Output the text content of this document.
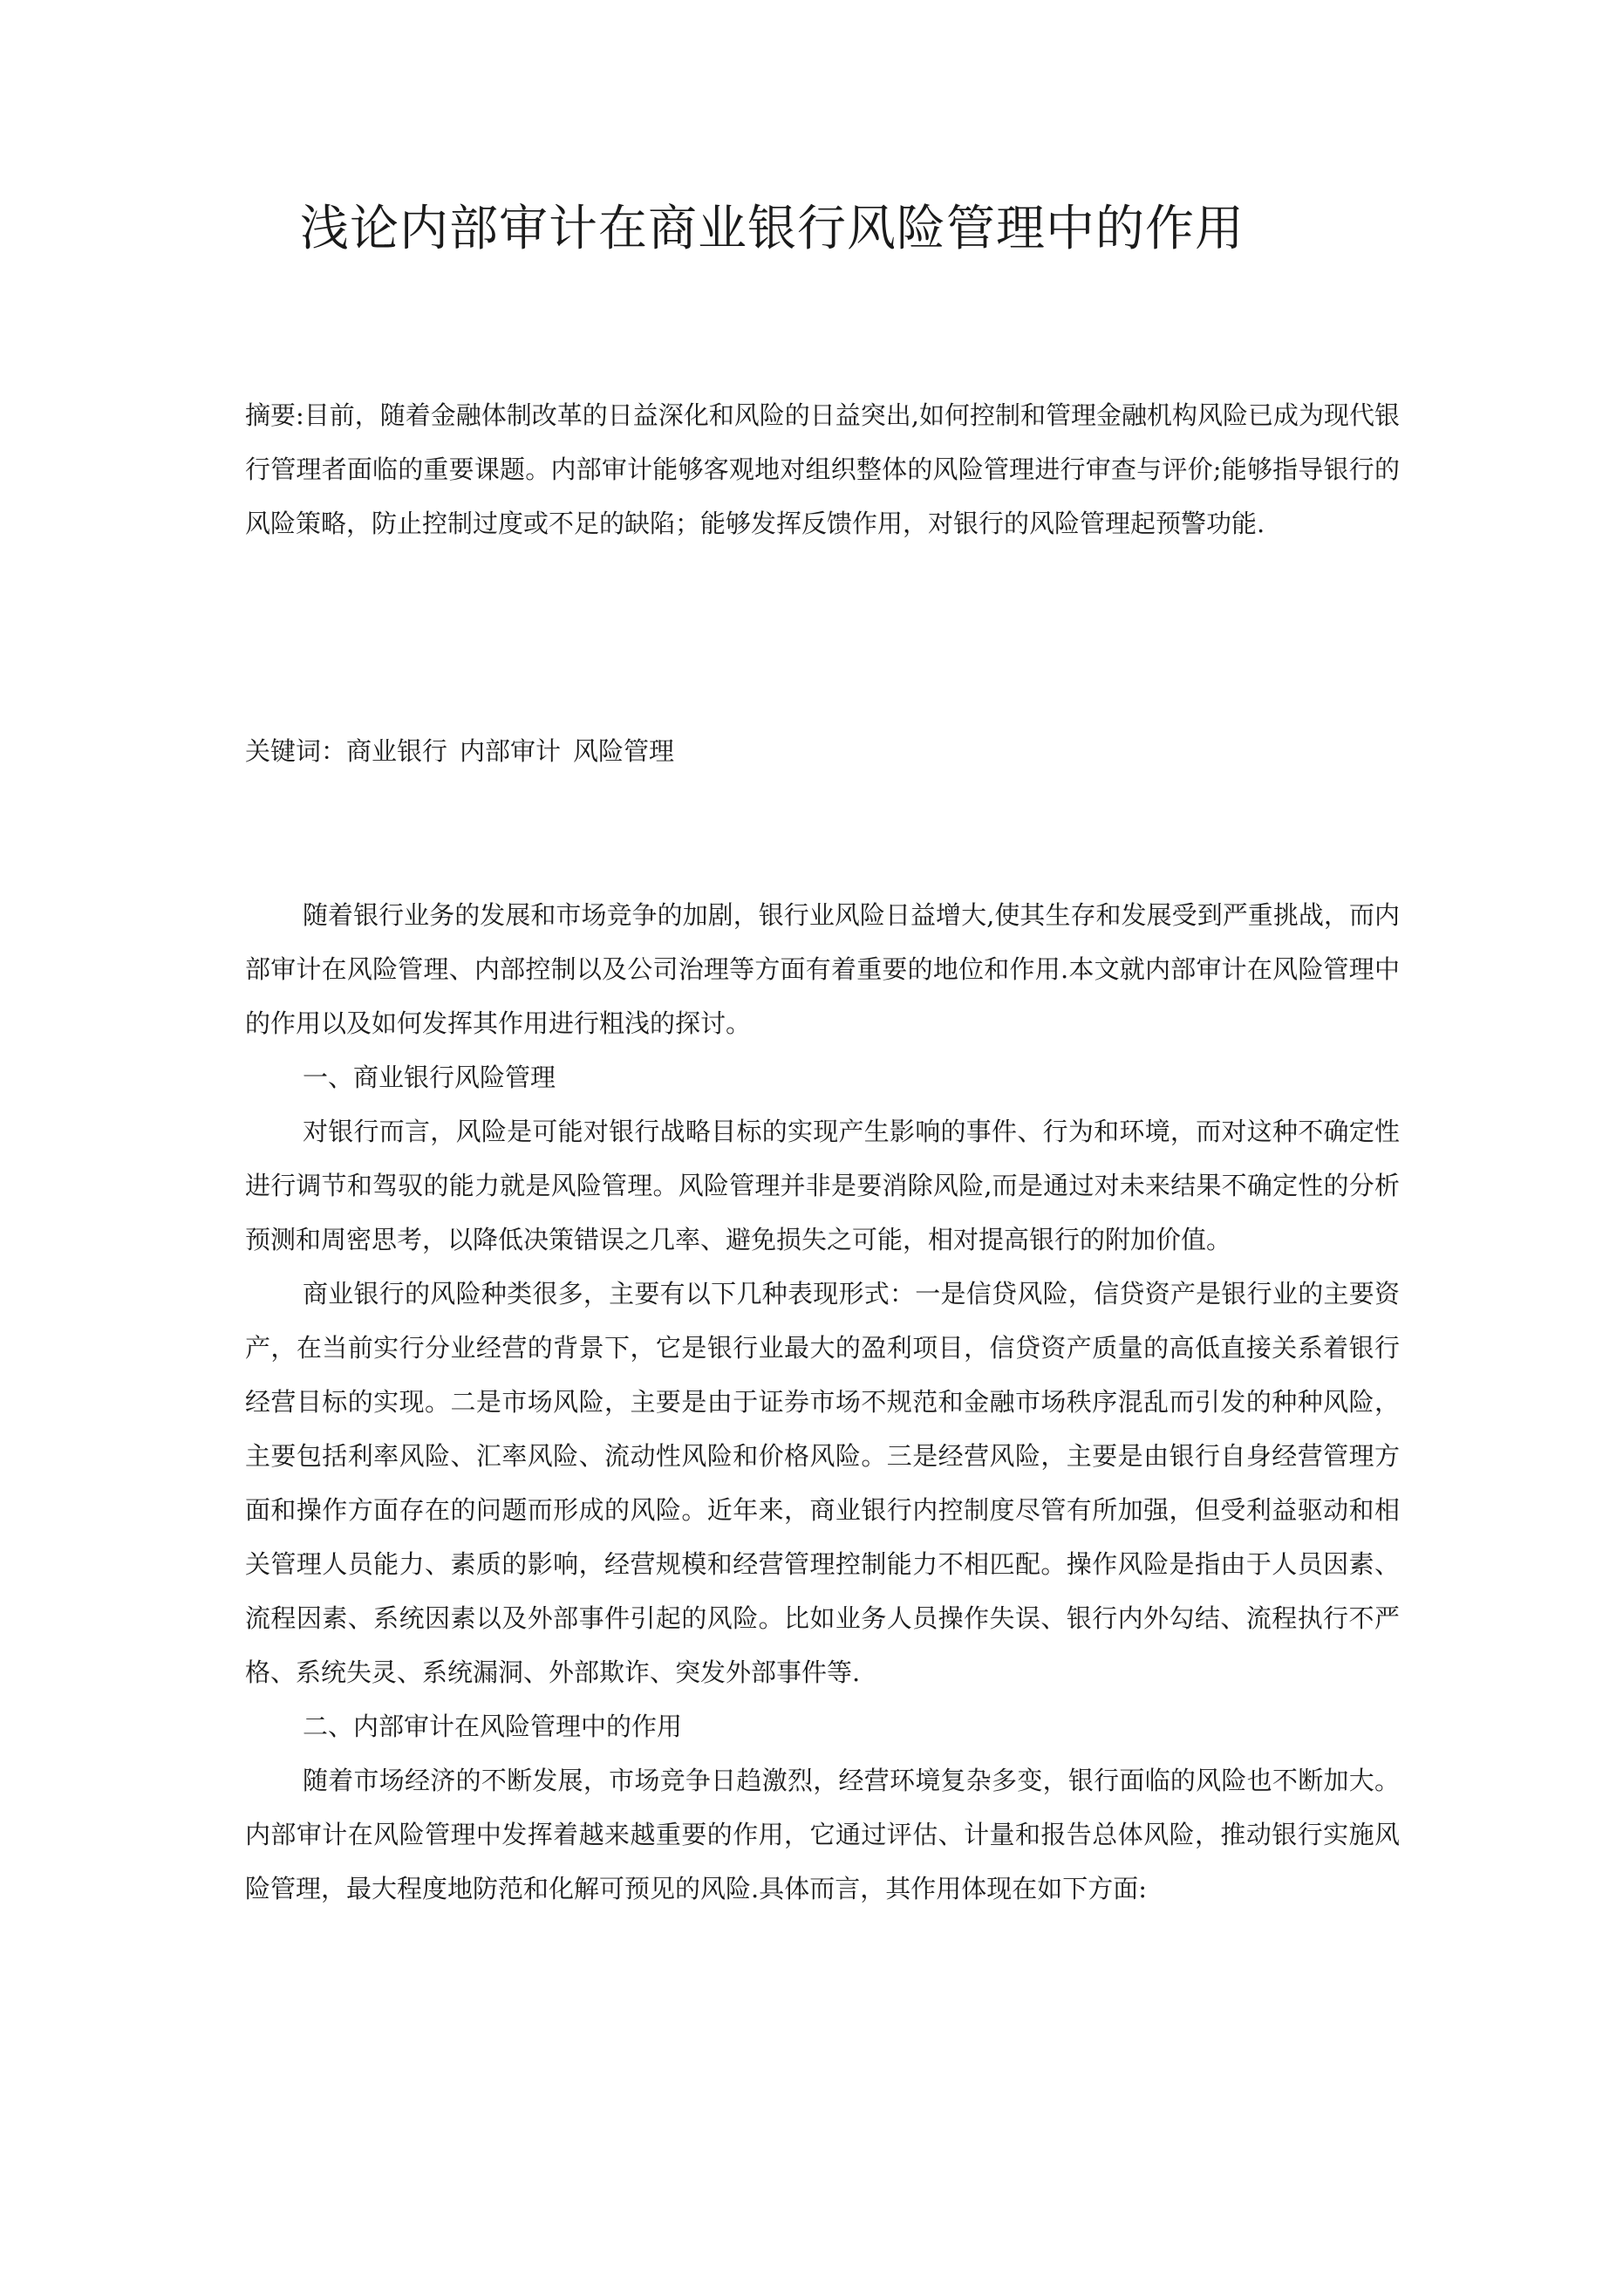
浅论内部审计在商业银行风险管理中的作用
摘要:目前，随着金融体制改革的日益深化和风险的日益突出,如何控制和管理金融机构风险已成为现代银行管理者面临的重要课题。内部审计能够客观地对组织整体的风险管理进行审查与评价;能够指导银行的风险策略，防止控制过度或不足的缺陷；能够发挥反馈作用，对银行的风险管理起预警功能.
关键词：商业银行 内部审计 风险管理

随着银行业务的发展和市场竞争的加剧，银行业风险日益增大,使其生存和发展受到严重挑战，而内部审计在风险管理、内部控制以及公司治理等方面有着重要的地位和作用.本文就内部审计在风险管理中的作用以及如何发挥其作用进行粗浅的探讨。

一、商业银行风险管理

对银行而言，风险是可能对银行战略目标的实现产生影响的事件、行为和环境，而对这种不确定性进行调节和驾驭的能力就是风险管理。风险管理并非是要消除风险,而是通过对未来结果不确定性的分析预测和周密思考，以降低决策错误之几率、避免损失之可能，相对提高银行的附加价值。

商业银行的风险种类很多，主要有以下几种表现形式：一是信贷风险，信贷资产是银行业的主要资产，在当前实行分业经营的背景下，它是银行业最大的盈利项目，信贷资产质量的高低直接关系着银行经营目标的实现。二是市场风险，主要是由于证券市场不规范和金融市场秩序混乱而引发的种种风险，主要包括利率风险、汇率风险、流动性风险和价格风险。三是经营风险，主要是由银行自身经营管理方面和操作方面存在的问题而形成的风险。近年来，商业银行内控制度尽管有所加强，但受利益驱动和相关管理人员能力、素质的影响，经营规模和经营管理控制能力不相匹配。操作风险是指由于人员因素、流程因素、系统因素以及外部事件引起的风险。比如业务人员操作失误、银行内外勾结、流程执行不严格、系统失灵、系统漏洞、外部欺诈、突发外部事件等.

二、内部审计在风险管理中的作用

随着市场经济的不断发展，市场竞争日趋激烈，经营环境复杂多变，银行面临的风险也不断加大。内部审计在风险管理中发挥着越来越重要的作用，它通过评估、计量和报告总体风险，推动银行实施风险管理，最大程度地防范和化解可预见的风险.具体而言，其作用体现在如下方面:
